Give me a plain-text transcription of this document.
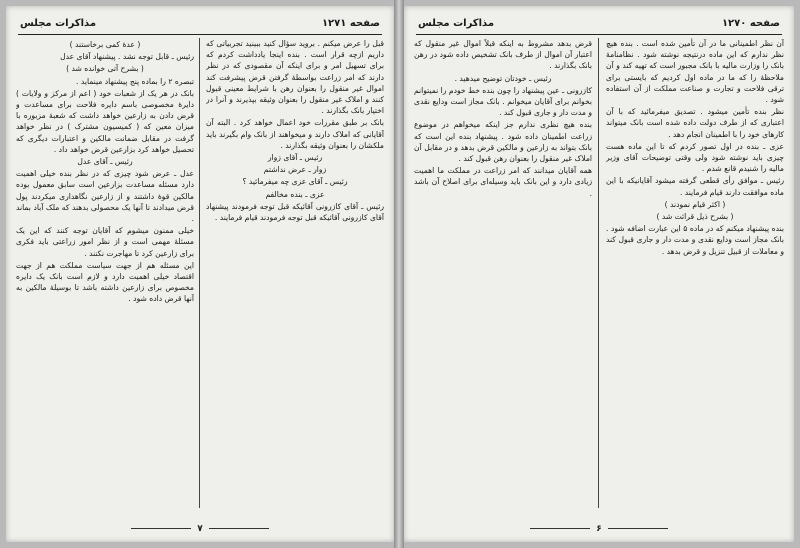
صفحه ۱۲۷۱
مذاکرات مجلس

قبل را عرض میکنم . بروید سؤال کنید ببینید تجربیاتی که داریم ازچه قرار است . بنده اینجا یادداشت کردم که برای تسهیل امر و برای اینکه آن مقصودی که در نظر دارند که امر زراعت بواسطهٔ گرفتن قرض پیشرفت کند اموال غیر منقول را بعنوان رهن با شرایط معینی قبول کنند و املاک غیر منقول را بعنوان وثیقه بپذیرند و آنرا در اختیار بانک بگذارند .

بانک بر طبق مقررات خود اعمال خواهد کرد . البته آن آقایانی که املاک دارند و میخواهند از بانک وام بگیرند باید ملکشان را بعنوان وثیقه بگذارند .

رئیس ـ آقای زوار

زوار ـ عرض نداشتم

رئیس ـ آقای عزی چه میفرمائید ؟

عزی ـ بنده مخالفم

رئیس ـ آقای کازرونی آقائیکه قبل توجه فرمودند پیشنهاد آقای کازرونی آقائیکه قبل توجه فرمودند قیام فرمایند .

( عدهٔ کمی برخاستند )

رئیس ـ قابل توجه نشد . پیشنهاد آقای عدل

( بشرح آتی خوانده شد )

تبصره ۲ را بماده پنج پیشنهاد مینماید .

بانک در هر یک از شعبات خود ( اعم از مرکز و ولایات ) دایرهٔ مخصوصی باسم دایره فلاحت برای مساعدت و قرض دادن به زارعین خواهد داشت که شعبهٔ مزبوره با میزان معین که ( کمیسیون مشترک ) در نظر خواهد گرفت در مقابل ضمانت مالکین و اعتبارات دیگری که تحصیل خواهد کرد بزارعین قرض خواهد داد .

رئیس ـ آقای عدل

عدل ـ عرض شود چیزی که در نظر بنده خیلی اهمیت دارد مسئله مساعدت بزارعین است سابق معمول بوده مالکین قوهٔ داشتند و از زارعین نگاهداری میکردند پول قرض میدادند تا آنها یک محصولی بدهند که ملک آباد بماند .

خیلی ممنون میشوم که آقایان توجه کنند که این یک مسئلهٔ مهمی است و از نظر امور زراعتی باید فکری برای زارعین کرد تا مهاجرت نکنند .

این مسئله هم از جهت سیاست مملکت هم از جهت اقتصاد خیلی اهمیت دارد و لازم است بانک یک دایره مخصوص برای زارعین داشته باشد تا بوسیلهٔ مالکین به آنها قرض داده شود .

۷
صفحه ۱۲۷۰
مذاکرات مجلس

آن نظر اطمینانی ما در آن تأمین شده است . بنده هیچ نظر ندارم که این ماده درنتیجه نوشته شود . نظامنامهٔ بانک را وزارت مالیه با بانک مجبور است که تهیه کند و آن ملاحظهٔ را که ما در ماده اول کردیم که بایستی برای ترقی فلاحت و تجارت و صناعت مملکت از آن استفاده شود .

نظر بنده تأمین میشود . تصدیق میفرمائید که با آن اعتباری که از طرف دولت داده شده است بانک میتواند کارهای خود را با اطمینان انجام دهد .

عزی ـ بنده در اول تصور کردم که تا این ماده هست چیزی باید نوشته شود ولی وقتی توضیحات آقای وزیر مالیه را شنیدم قانع شدم .

رئیس ـ موافق رأی قطعی گرفته میشود آقایانیکه با این ماده موافقت دارند قیام فرمایند .

( اکثر قیام نمودند )

( بشرح ذیل قرائت شد )

بنده پیشنهاد میکنم که در ماده ۵ این عبارت اضافه شود . بانک مجاز است ودایع نقدی و مدت دار و جاری قبول کند و معاملات از قبیل تنزیل و قرض بدهد .

قرض بدهد مشروط به اینکه قبلاً اموال غیر منقول که اعتبار آن اموال از طرف بانک تشخیص داده شود در رهن بانک بگذارند .

رئیس ـ خودتان توضیح میدهید .

کازرونی ـ عین پیشنهاد را چون بنده خط خودم را نمیتوانم بخوانم برای آقایان میخوانم . بانک مجاز است ودایع نقدی و مدت دار و جاری قبول کند .

بنده هیچ نظری ندارم جز اینکه میخواهم در موضوع زراعت اطمینان داده شود . پیشنهاد بنده این است که بانک بتواند به زارعین و مالکین قرض بدهد و در مقابل آن املاک غیر منقول را بعنوان رهن قبول کند .

همه آقایان میدانند که امر زراعت در مملکت ما اهمیت زیادی دارد و این بانک باید وسیله‌ای برای اصلاح آن باشد .

۶
